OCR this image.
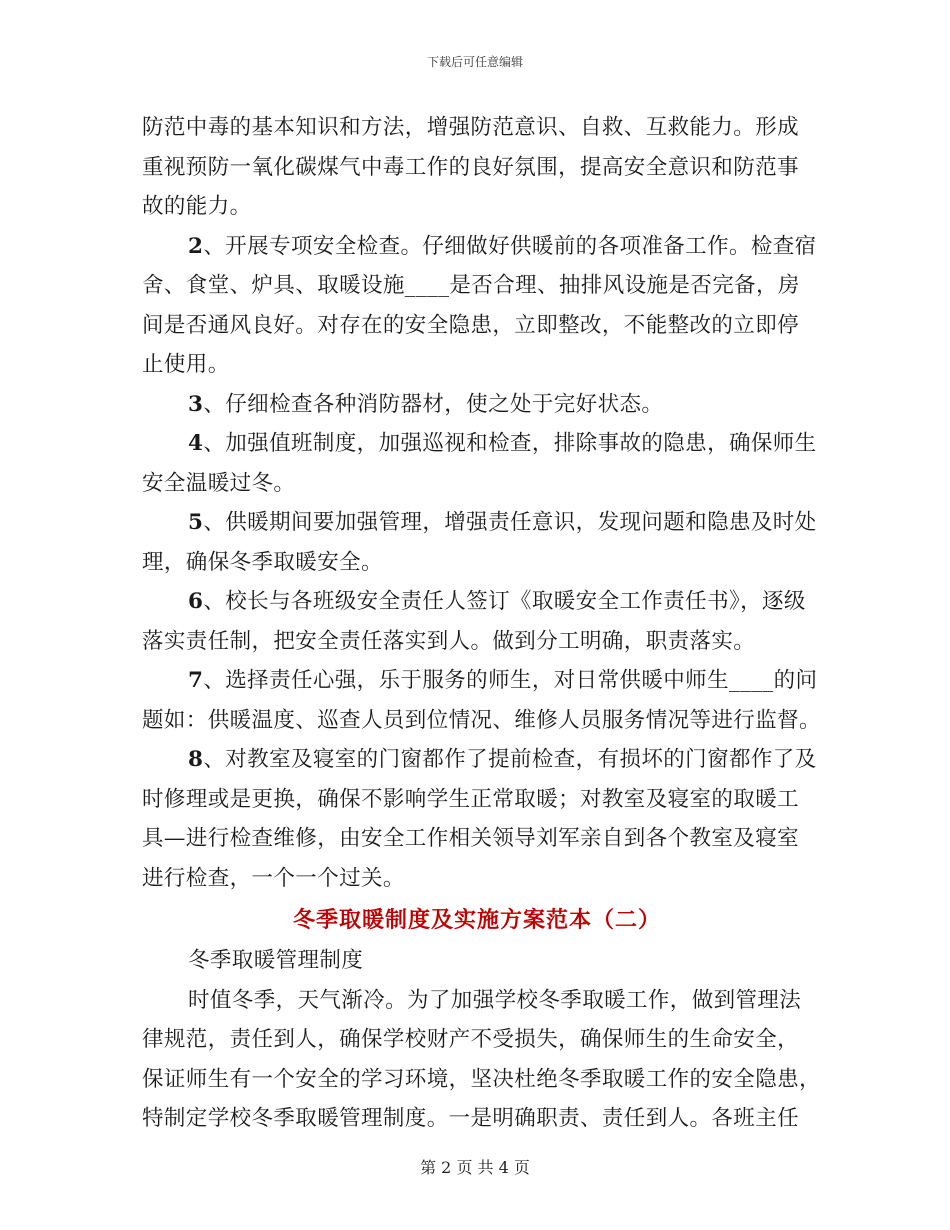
下载后可任意编辑
防范中毒的基本知识和方法，增强防范意识、自救、互救能力。形成
重视预防一氧化碳煤气中毒工作的良好氛围，提高安全意识和防范事
故的能力。
2、开展专项安全检查。仔细做好供暖前的各项准备工作。检查宿
舍、食堂、炉具、取暖设施____是否合理、抽排风设施是否完备，房
间是否通风良好。对存在的安全隐患，立即整改，不能整改的立即停
止使用。
3、仔细检查各种消防器材，使之处于完好状态。
4、加强值班制度，加强巡视和检查，排除事故的隐患，确保师生
安全温暖过冬。
5、供暖期间要加强管理，增强责任意识，发现问题和隐患及时处
理，确保冬季取暖安全。
6、校长与各班级安全责任人签订《取暖安全工作责任书》，逐级
落实责任制，把安全责任落实到人。做到分工明确，职责落实。
7、选择责任心强，乐于服务的师生，对日常供暖中师生____的问
题如：供暖温度、巡查人员到位情况、维修人员服务情况等进行监督。
8、对教室及寝室的门窗都作了提前检查，有损坏的门窗都作了及
时修理或是更换，确保不影响学生正常取暖；对教室及寝室的取暖工
具—进行检查维修，由安全工作相关领导刘军亲自到各个教室及寝室
进行检查，一个一个过关。
冬季取暖制度及实施方案范本（二）
冬季取暖管理制度
时值冬季，天气渐冷。为了加强学校冬季取暖工作，做到管理法
律规范，责任到人，确保学校财产不受损失，确保师生的生命安全，
保证师生有一个安全的学习环境，坚决杜绝冬季取暖工作的安全隐患，
特制定学校冬季取暖管理制度。一是明确职责、责任到人。各班主任
第 2 页 共 4 页
